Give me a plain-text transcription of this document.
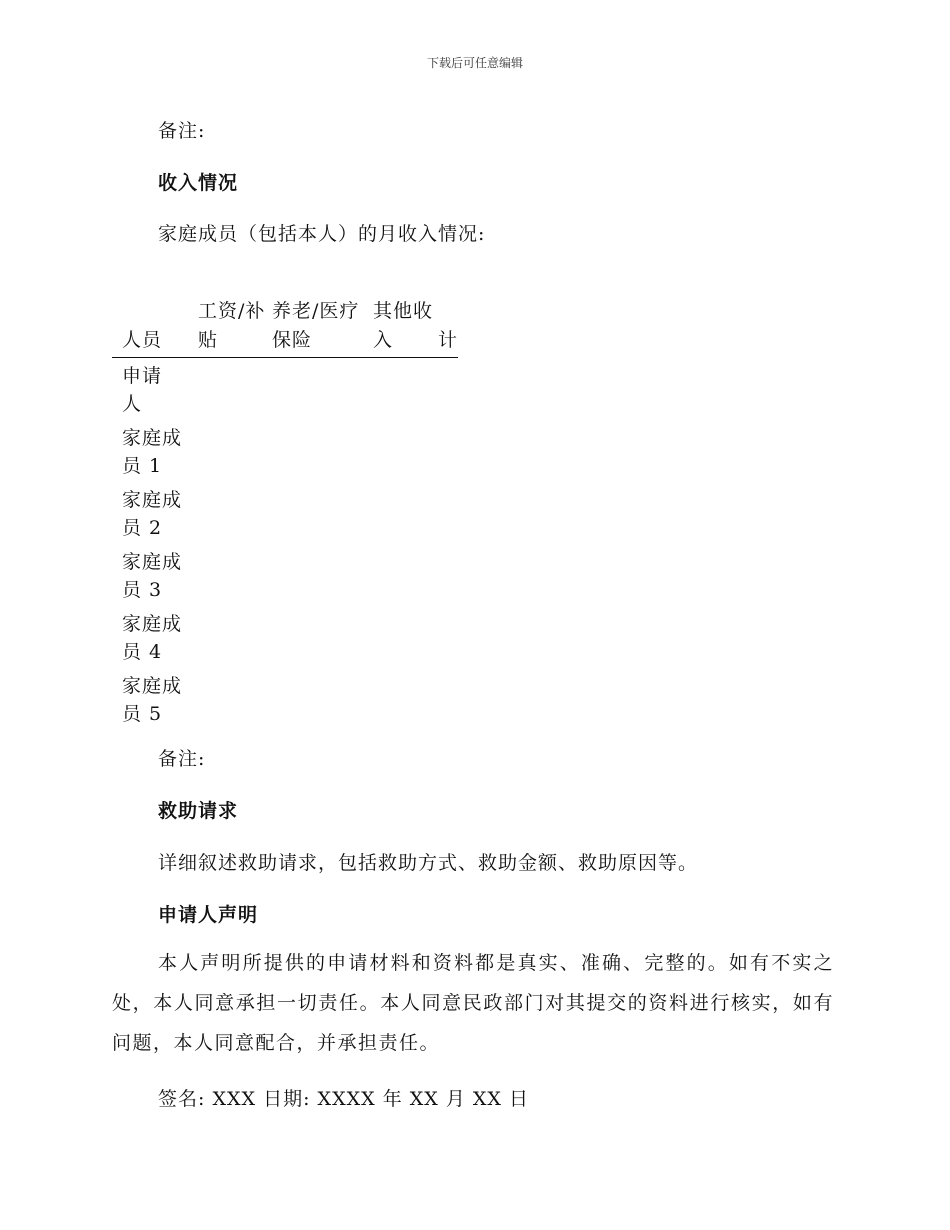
下载后可任意编辑
备注:
收入情况
家庭成员（包括本人）的月收入情况:
人员
工资/补贴
养老/医疗保险
其他收入	计
申请人
家庭成员 1
家庭成员 2
家庭成员 3
家庭成员 4
家庭成员 5
备注:
救助请求
详细叙述救助请求，包括救助方式、救助金额、救助原因等。
申请人声明
本人声明所提供的申请材料和资料都是真实、准确、完整的。如有不实之处，本人同意承担一切责任。本人同意民政部门对其提交的资料进行核实，如有问题，本人同意配合，并承担责任。
签名: XXX 日期: XXXX 年 XX 月 XX 日
